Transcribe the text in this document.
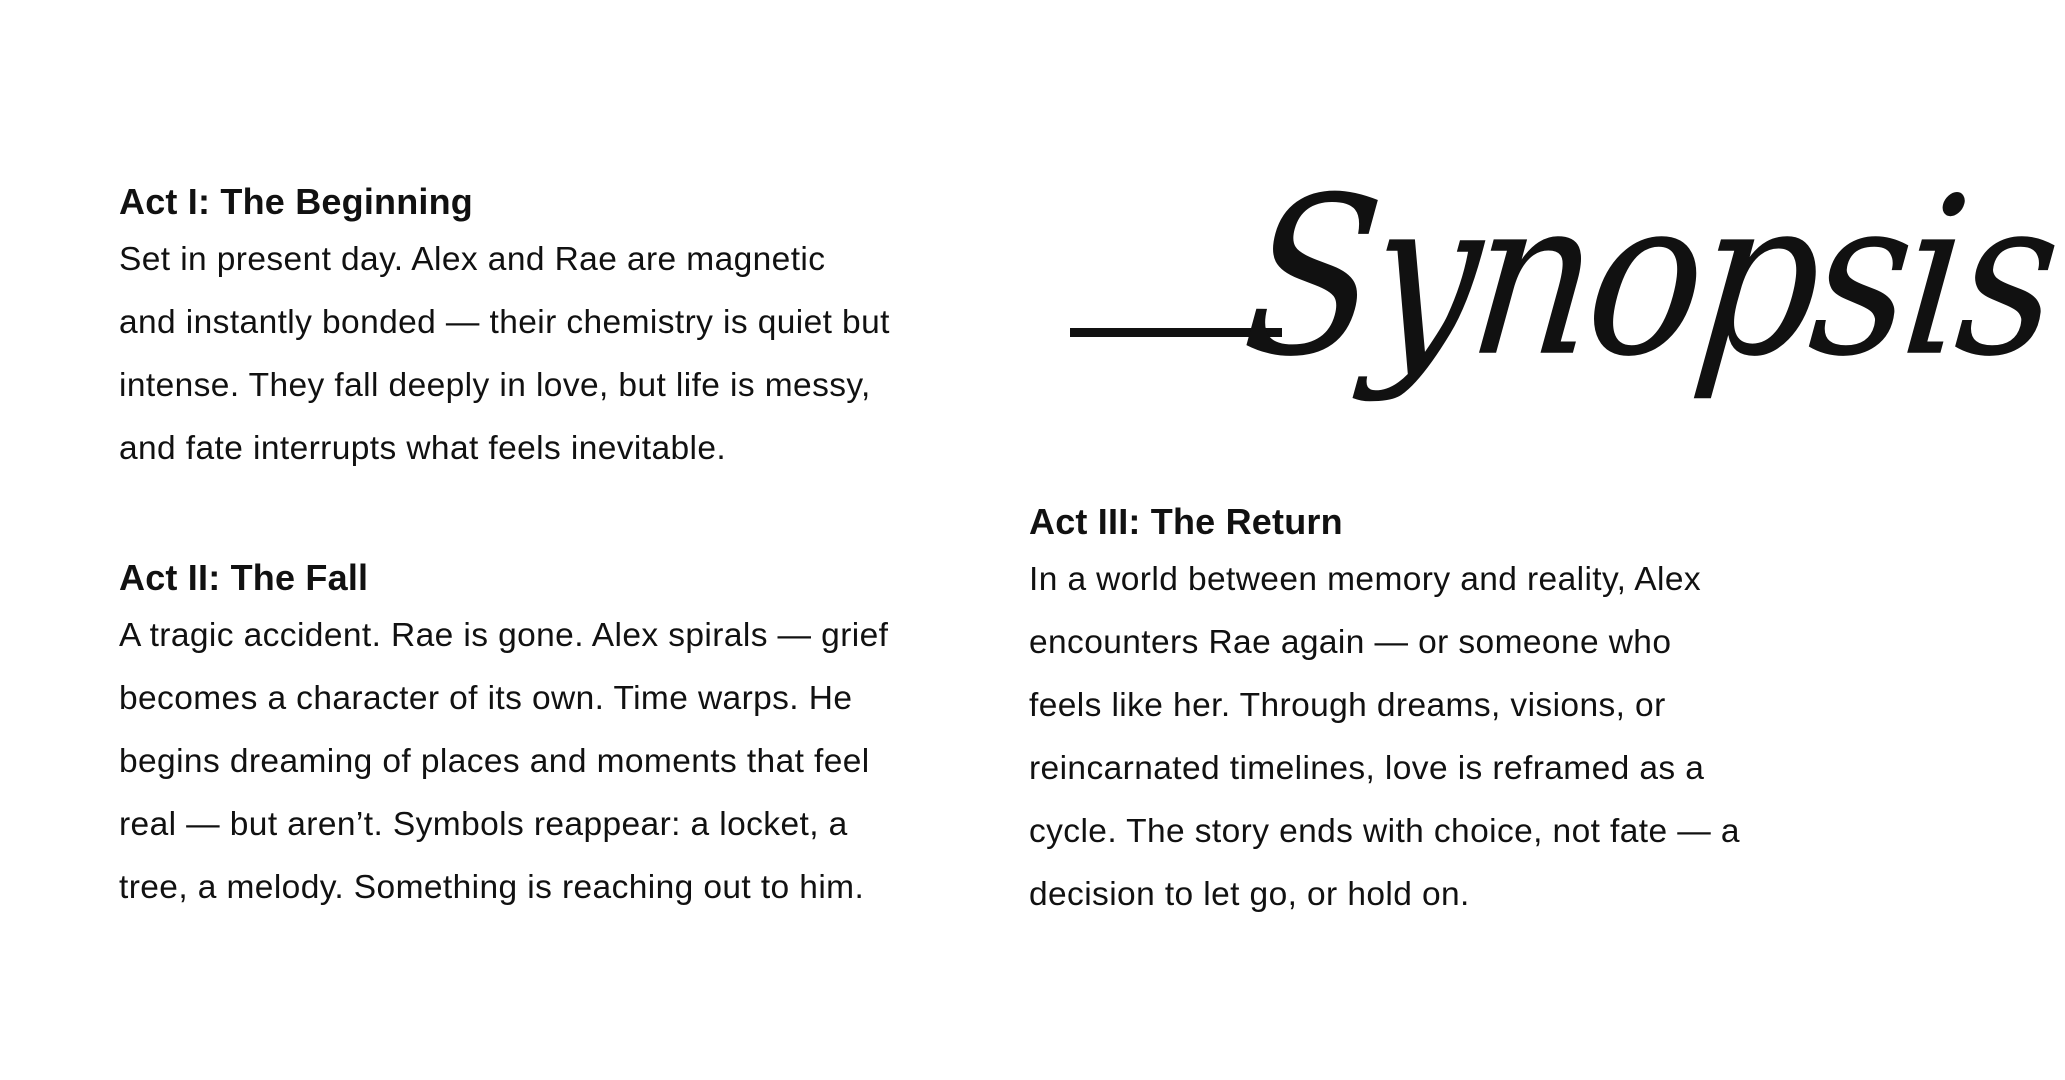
Synopsis
Act I: The Beginning

Set in present day. Alex and Rae are magnetic
and instantly bonded — their chemistry is quiet but
intense. They fall deeply in love, but life is messy,
and fate interrupts what feels inevitable.

Act II: The Fall

A tragic accident. Rae is gone. Alex spirals — grief
becomes a character of its own. Time warps. He
begins dreaming of places and moments that feel
real — but aren’t. Symbols reappear: a locket, a
tree, a melody. Something is reaching out to him.

Act III: The Return

In a world between memory and reality, Alex
encounters Rae again — or someone who
feels like her. Through dreams, visions, or
reincarnated timelines, love is reframed as a
cycle. The story ends with choice, not fate — a
decision to let go, or hold on.
